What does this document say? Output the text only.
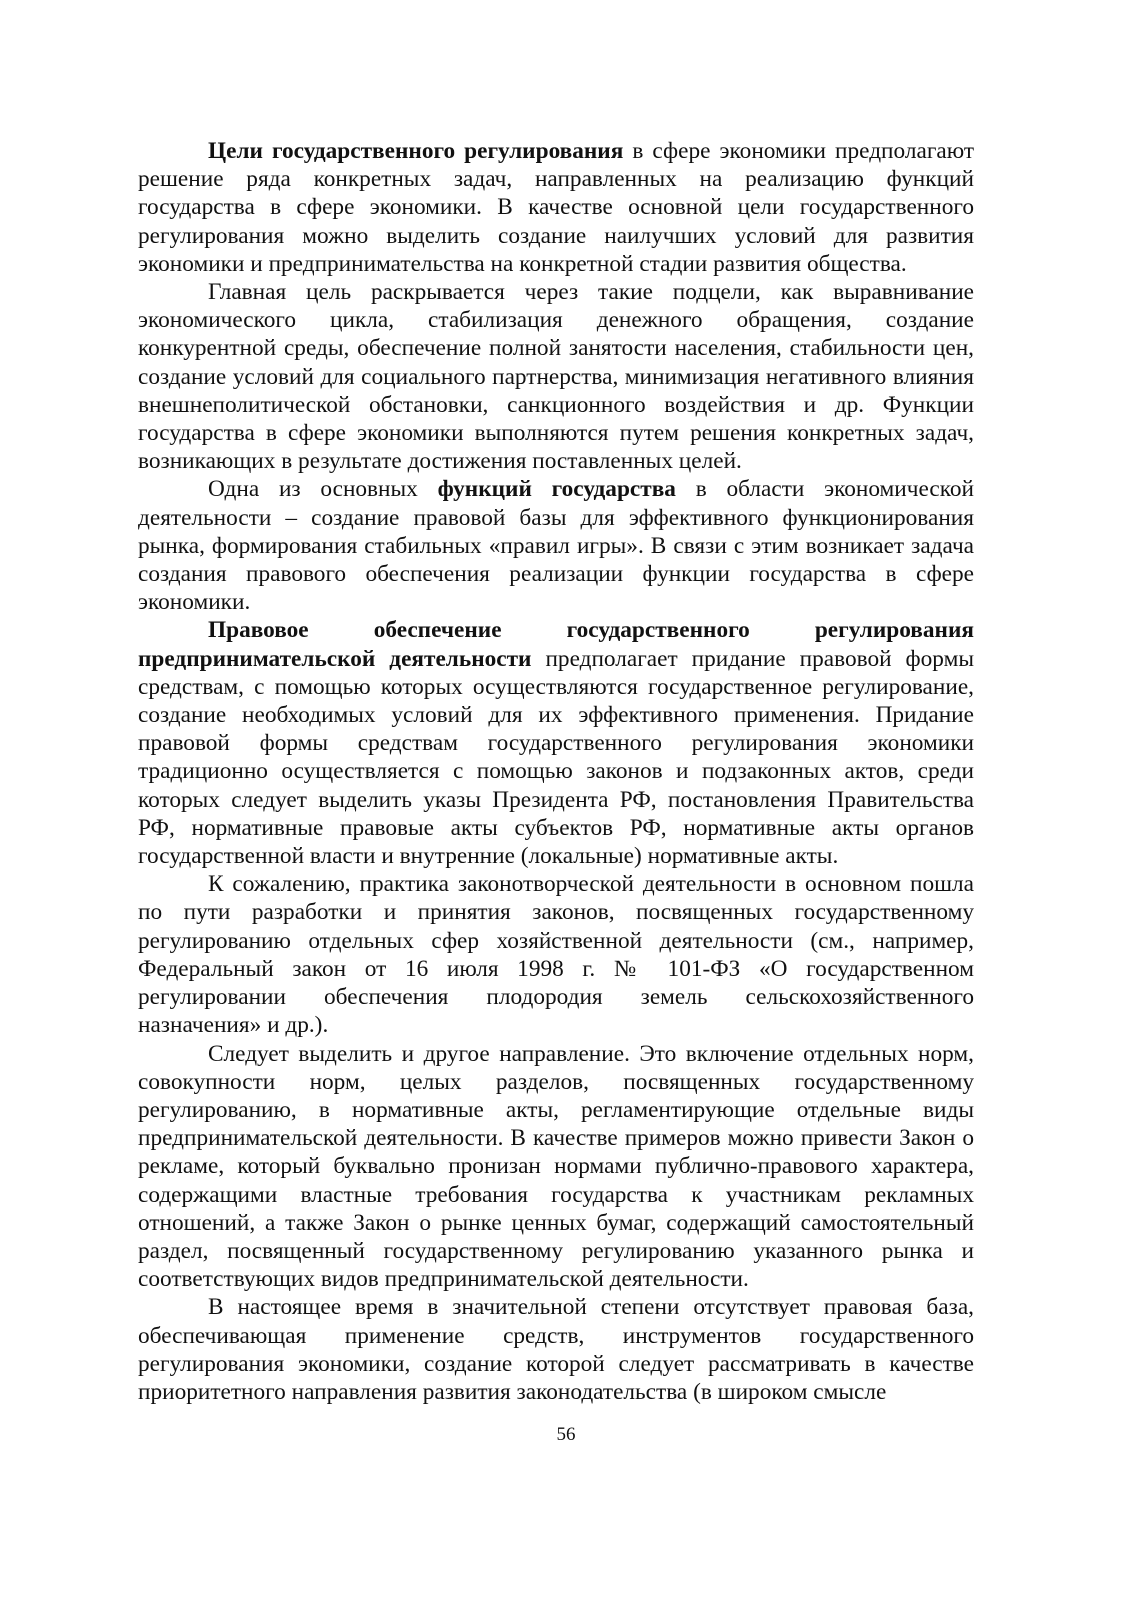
Цели государственного регулирования в сфере экономики предполагают решение ряда конкретных задач, направленных на реализацию функций государства в сфере экономики. В качестве основной цели государственного регулирования можно выделить создание наилучших условий для развития экономики и предпринимательства на конкретной стадии развития общества.

Главная цель раскрывается через такие подцели, как выравнивание экономического цикла, стабилизация денежного обращения, создание конкурентной среды, обеспечение полной занятости населения, стабильности цен, создание условий для социального партнерства, минимизация негативного влияния внешнеполитической обстановки, санкционного воздействия и др. Функции государства в сфере экономики выполняются путем решения конкретных задач, возникающих в результате достижения поставленных целей.

Одна из основных функций государства в области экономической деятельности – создание правовой базы для эффективного функционирования рынка, формирования стабильных «правил игры». В связи с этим возникает задача создания правового обеспечения реализации функции государства в сфере экономики.

Правовое обеспечение государственного регулирования предпринимательской деятельности предполагает придание правовой формы средствам, с помощью которых осуществляются государственное регулирование, создание необходимых условий для их эффективного применения. Придание правовой формы средствам государственного регулирования экономики традиционно осуществляется с помощью законов и подзаконных актов, среди которых следует выделить указы Президента РФ, постановления Правительства РФ, нормативные правовые акты субъектов РФ, нормативные акты органов государственной власти и внутренние (локальные) нормативные акты.

К сожалению, практика законотворческой деятельности в основном пошла по пути разработки и принятия законов, посвященных государственному регулированию отдельных сфер хозяйственной деятельности (см., например, Федеральный закон от 16 июля 1998 г. № 101-ФЗ «О государственном регулировании обеспечения плодородия земель сельскохозяйственного назначения» и др.).

Следует выделить и другое направление. Это включение отдельных норм, совокупности норм, целых разделов, посвященных государственному регулированию, в нормативные акты, регламентирующие отдельные виды предпринимательской деятельности. В качестве примеров можно привести Закон о рекламе, который буквально пронизан нормами публично-правового характера, содержащими властные требования государства к участникам рекламных отношений, а также Закон о рынке ценных бумаг, содержащий самостоятельный раздел, посвященный государственному регулированию указанного рынка и соответствующих видов предпринимательской деятельности.

В настоящее время в значительной степени отсутствует правовая база, обеспечивающая применение средств, инструментов государственного регулирования экономики, создание которой следует рассматривать в качестве приоритетного направления развития законодательства (в широком смысле

56
